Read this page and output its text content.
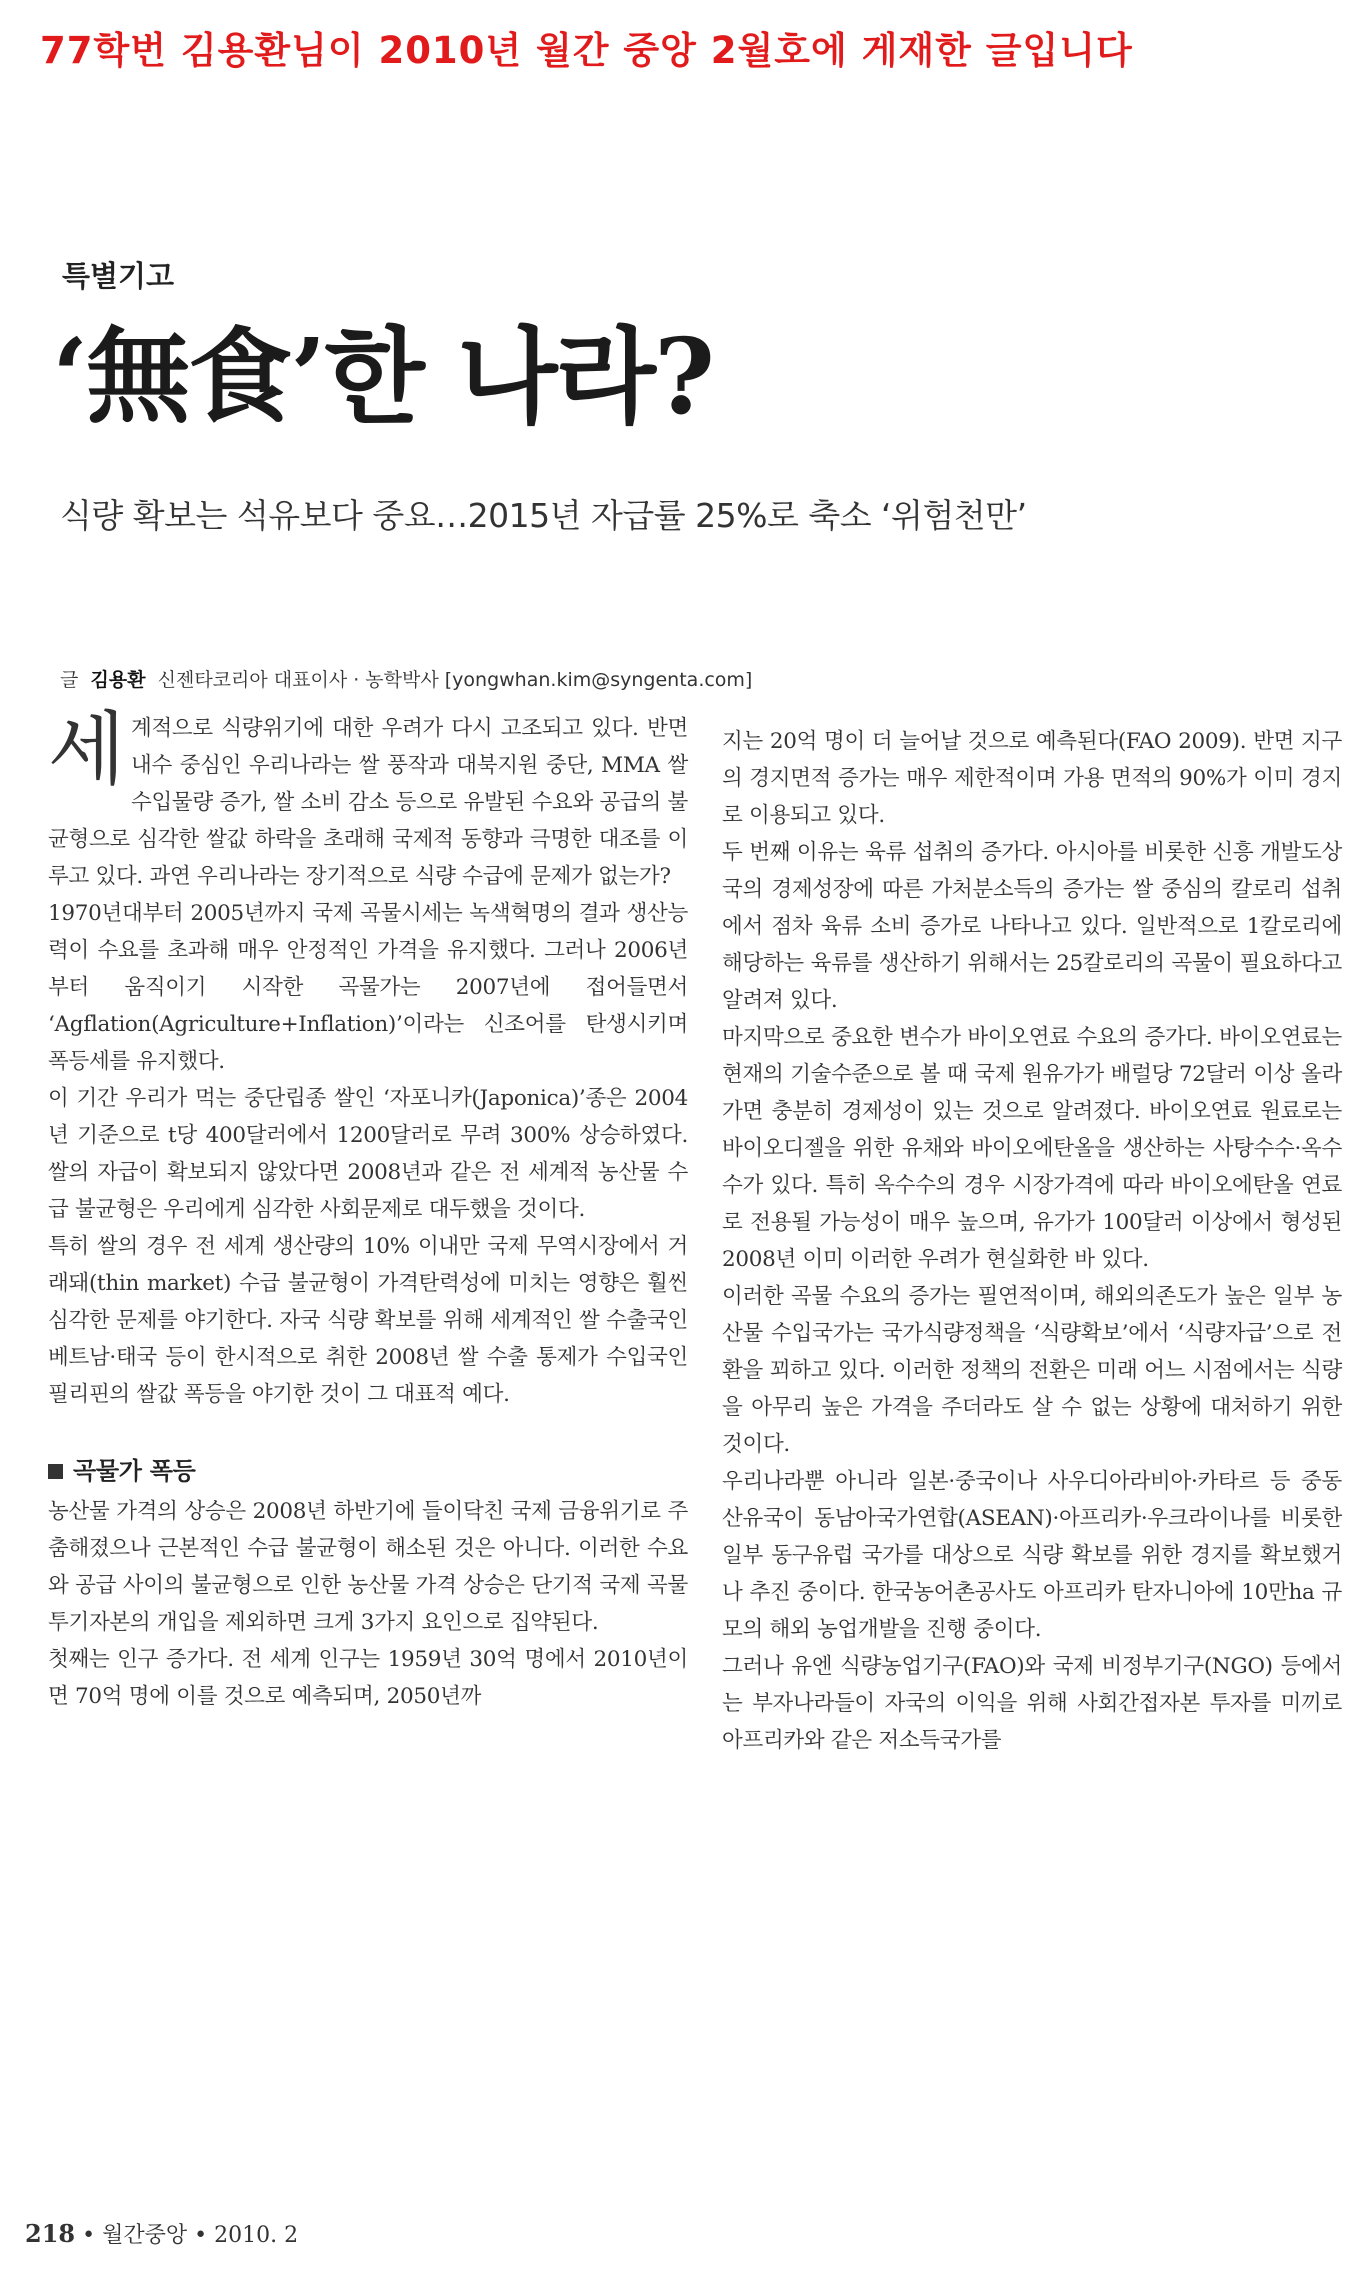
77학번 김용환님이 2010년 월간 중앙 2월호에 게재한 글입니다
특별기고
‘無食’한 나라?
식량 확보는 석유보다 중요…2015년 자급률 25%로 축소 ‘위험천만’
글 김용환 신젠타코리아 대표이사 · 농학박사 [yongwhan.kim@syngenta.com]

세계적으로 식량위기에 대한 우려가 다시 고조되고 있다. 반면 내수 중심인 우리나라는 쌀 풍작과 대북지원 중단, MMA 쌀 수입물량 증가, 쌀 소비 감소 등으로 유발된 수요와 공급의 불균형으로 심각한 쌀값 하락을 초래해 국제적 동향과 극명한 대조를 이루고 있다. 과연 우리나라는 장기적으로 식량 수급에 문제가 없는가?

1970년대부터 2005년까지 국제 곡물시세는 녹색혁명의 결과 생산능력이 수요를 초과해 매우 안정적인 가격을 유지했다. 그러나 2006년부터 움직이기 시작한 곡물가는 2007년에 접어들면서 ‘Agflation(Agriculture+Inflation)’이라는 신조어를 탄생시키며 폭등세를 유지했다.

이 기간 우리가 먹는 중단립종 쌀인 ‘자포니카(Japonica)’종은 2004년 기준으로 t당 400달러에서 1200달러로 무려 300% 상승하였다. 쌀의 자급이 확보되지 않았다면 2008년과 같은 전 세계적 농산물 수급 불균형은 우리에게 심각한 사회문제로 대두했을 것이다.

특히 쌀의 경우 전 세계 생산량의 10% 이내만 국제 무역시장에서 거래돼(thin market) 수급 불균형이 가격탄력성에 미치는 영향은 훨씬 심각한 문제를 야기한다. 자국 식량 확보를 위해 세계적인 쌀 수출국인 베트남·태국 등이 한시적으로 취한 2008년 쌀 수출 통제가 수입국인 필리핀의 쌀값 폭등을 야기한 것이 그 대표적 예다.

곡물가 폭등

농산물 가격의 상승은 2008년 하반기에 들이닥친 국제 금융위기로 주춤해졌으나 근본적인 수급 불균형이 해소된 것은 아니다. 이러한 수요와 공급 사이의 불균형으로 인한 농산물 가격 상승은 단기적 국제 곡물투기자본의 개입을 제외하면 크게 3가지 요인으로 집약된다.

첫째는 인구 증가다. 전 세계 인구는 1959년 30억 명에서 2010년이면 70억 명에 이를 것으로 예측되며, 2050년까

지는 20억 명이 더 늘어날 것으로 예측된다(FAO 2009). 반면 지구의 경지면적 증가는 매우 제한적이며 가용 면적의 90%가 이미 경지로 이용되고 있다.

두 번째 이유는 육류 섭취의 증가다. 아시아를 비롯한 신흥 개발도상국의 경제성장에 따른 가처분소득의 증가는 쌀 중심의 칼로리 섭취에서 점차 육류 소비 증가로 나타나고 있다. 일반적으로 1칼로리에 해당하는 육류를 생산하기 위해서는 25칼로리의 곡물이 필요하다고 알려져 있다.

마지막으로 중요한 변수가 바이오연료 수요의 증가다. 바이오연료는 현재의 기술수준으로 볼 때 국제 원유가가 배럴당 72달러 이상 올라가면 충분히 경제성이 있는 것으로 알려졌다. 바이오연료 원료로는 바이오디젤을 위한 유채와 바이오에탄올을 생산하는 사탕수수·옥수수가 있다. 특히 옥수수의 경우 시장가격에 따라 바이오에탄올 연료로 전용될 가능성이 매우 높으며, 유가가 100달러 이상에서 형성된 2008년 이미 이러한 우려가 현실화한 바 있다.

이러한 곡물 수요의 증가는 필연적이며, 해외의존도가 높은 일부 농산물 수입국가는 국가식량정책을 ‘식량확보’에서 ‘식량자급’으로 전환을 꾀하고 있다. 이러한 정책의 전환은 미래 어느 시점에서는 식량을 아무리 높은 가격을 주더라도 살 수 없는 상황에 대처하기 위한 것이다.

우리나라뿐 아니라 일본·중국이나 사우디아라비아·카타르 등 중동 산유국이 동남아국가연합(ASEAN)·아프리카·우크라이나를 비롯한 일부 동구유럽 국가를 대상으로 식량 확보를 위한 경지를 확보했거나 추진 중이다. 한국농어촌공사도 아프리카 탄자니아에 10만ha 규모의 해외 농업개발을 진행 중이다.

그러나 유엔 식량농업기구(FAO)와 국제 비정부기구(NGO) 등에서는 부자나라들이 자국의 이익을 위해 사회간접자본 투자를 미끼로 아프리카와 같은 저소득국가를

218 • 월간중앙 • 2010. 2
